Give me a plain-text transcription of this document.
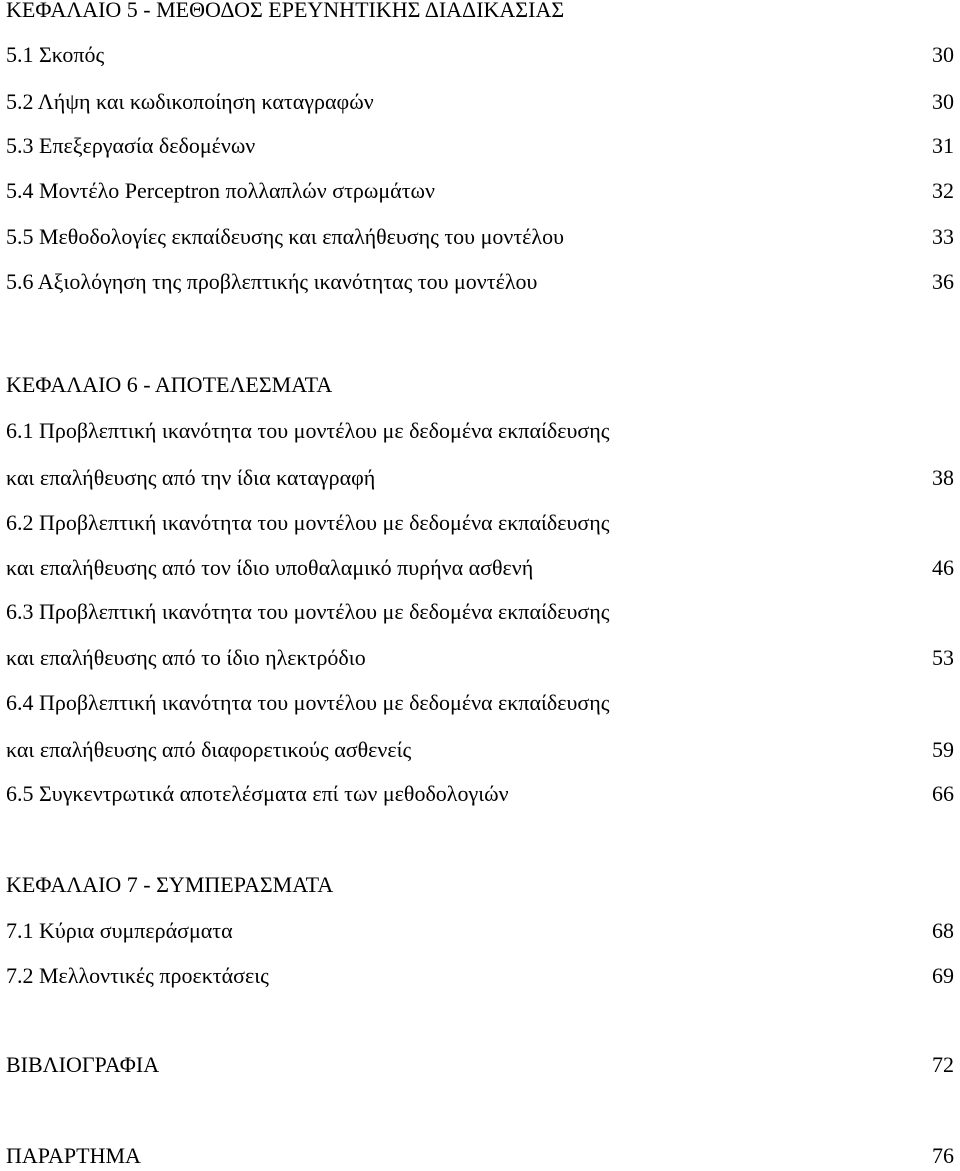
ΚΕΦΑΛΑΙΟ 5 - ΜΕΘΟΔΟΣ ΕΡΕΥΝΗΤΙΚΗΣ ΔΙΑΔΙΚΑΣΙΑΣ
5.1 Σκοπός	30
5.2 Λήψη και κωδικοποίηση καταγραφών	30
5.3 Επεξεργασία δεδομένων	31
5.4 Μοντέλο Perceptron πολλαπλών στρωμάτων	32
5.5 Μεθοδολογίες εκπαίδευσης και επαλήθευσης του μοντέλου	33
5.6 Αξιολόγηση της προβλεπτικής ικανότητας του μοντέλου	36
ΚΕΦΑΛΑΙΟ 6 - ΑΠΟΤΕΛΕΣΜΑΤΑ
6.1 Προβλεπτική ικανότητα του μοντέλου με δεδομένα εκπαίδευσης
και επαλήθευσης από την ίδια καταγραφή	38
6.2 Προβλεπτική ικανότητα του μοντέλου με δεδομένα εκπαίδευσης
και επαλήθευσης από τον ίδιο υποθαλαμικό πυρήνα ασθενή	46
6.3 Προβλεπτική ικανότητα του μοντέλου με δεδομένα εκπαίδευσης
και επαλήθευσης από το ίδιο ηλεκτρόδιο	53
6.4 Προβλεπτική ικανότητα του μοντέλου με δεδομένα εκπαίδευσης
και επαλήθευσης από διαφορετικούς ασθενείς	59
6.5 Συγκεντρωτικά αποτελέσματα επί των μεθοδολογιών	66
ΚΕΦΑΛΑΙΟ 7 - ΣΥΜΠΕΡΑΣΜΑΤΑ
7.1 Κύρια συμπεράσματα	68
7.2 Μελλοντικές προεκτάσεις	69
ΒΙΒΛΙΟΓΡΑΦΙΑ	72
ΠΑΡΑΡΤΗΜΑ	76
